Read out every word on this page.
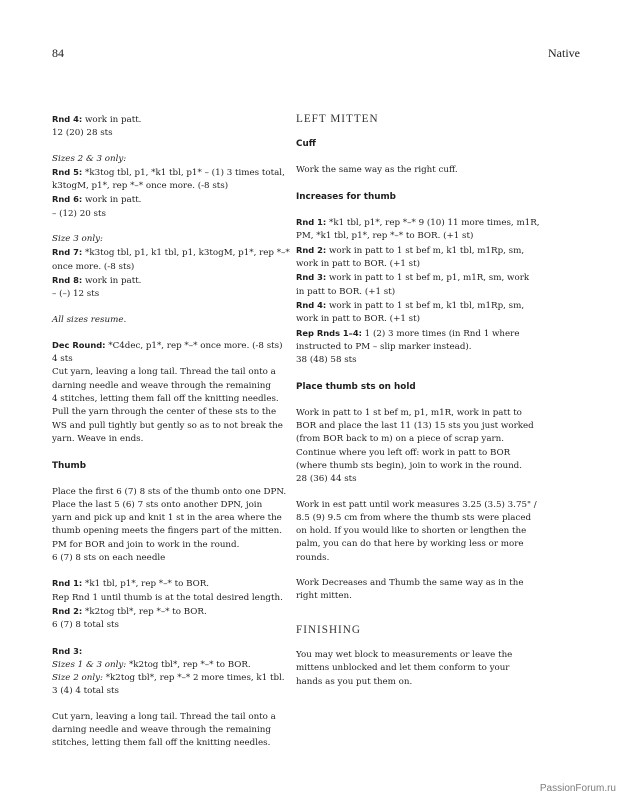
84	Native
Rnd 4: work in patt.
12 (20) 28 sts
Sizes 2 & 3 only:
Rnd 5: *k3tog tbl, p1, *k1 tbl, p1* – (1) 3 times total,
k3togM, p1*, rep *–* once more. (-8 sts)
Rnd 6: work in patt.
– (12) 20 sts
Size 3 only:
Rnd 7: *k3tog tbl, p1, k1 tbl, p1, k3togM, p1*, rep *–*
once more. (-8 sts)
Rnd 8: work in patt.
– (–) 12 sts
All sizes resume.
Dec Round: *C4dec, p1*, rep *–* once more. (-8 sts)
4 sts
Cut yarn, leaving a long tail. Thread the tail onto a
darning needle and weave through the remaining
4 stitches, letting them fall off the knitting needles.
Pull the yarn through the center of these sts to the
WS and pull tightly but gently so as to not break the
yarn. Weave in ends.
Thumb
Place the first 6 (7) 8 sts of the thumb onto one DPN.
Place the last 5 (6) 7 sts onto another DPN, join
yarn and pick up and knit 1 st in the area where the
thumb opening meets the fingers part of the mitten.
PM for BOR and join to work in the round.
6 (7) 8 sts on each needle
Rnd 1: *k1 tbl, p1*, rep *–* to BOR.
Rep Rnd 1 until thumb is at the total desired length.
Rnd 2: *k2tog tbl*, rep *–* to BOR.
6 (7) 8 total sts
Rnd 3:
Sizes 1 & 3 only: *k2tog tbl*, rep *–* to BOR.
Size 2 only: *k2tog tbl*, rep *–* 2 more times, k1 tbl.
3 (4) 4 total sts
Cut yarn, leaving a long tail. Thread the tail onto a
darning needle and weave through the remaining
stitches, letting them fall off the knitting needles.
LEFT MITTEN
Cuff
Work the same way as the right cuff.
Increases for thumb
Rnd 1: *k1 tbl, p1*, rep *–* 9 (10) 11 more times, m1R,
PM, *k1 tbl, p1*, rep *–* to BOR. (+1 st)
Rnd 2: work in patt to 1 st bef m, k1 tbl, m1Rp, sm,
work in patt to BOR. (+1 st)
Rnd 3: work in patt to 1 st bef m, p1, m1R, sm, work
in patt to BOR. (+1 st)
Rnd 4: work in patt to 1 st bef m, k1 tbl, m1Rp, sm,
work in patt to BOR. (+1 st)
Rep Rnds 1–4: 1 (2) 3 more times (in Rnd 1 where
instructed to PM – slip marker instead).
38 (48) 58 sts
Place thumb sts on hold
Work in patt to 1 st bef m, p1, m1R, work in patt to
BOR and place the last 11 (13) 15 sts you just worked
(from BOR back to m) on a piece of scrap yarn.
Continue where you left off: work in patt to BOR
(where thumb sts begin), join to work in the round.
28 (36) 44 sts
Work in est patt until work measures 3.25 (3.5) 3.75" /
8.5 (9) 9.5 cm from where the thumb sts were placed
on hold. If you would like to shorten or lengthen the
palm, you can do that here by working less or more
rounds.
Work Decreases and Thumb the same way as in the
right mitten.
FINISHING
You may wet block to measurements or leave the
mittens unblocked and let them conform to your
hands as you put them on.
PassionForum.ru
